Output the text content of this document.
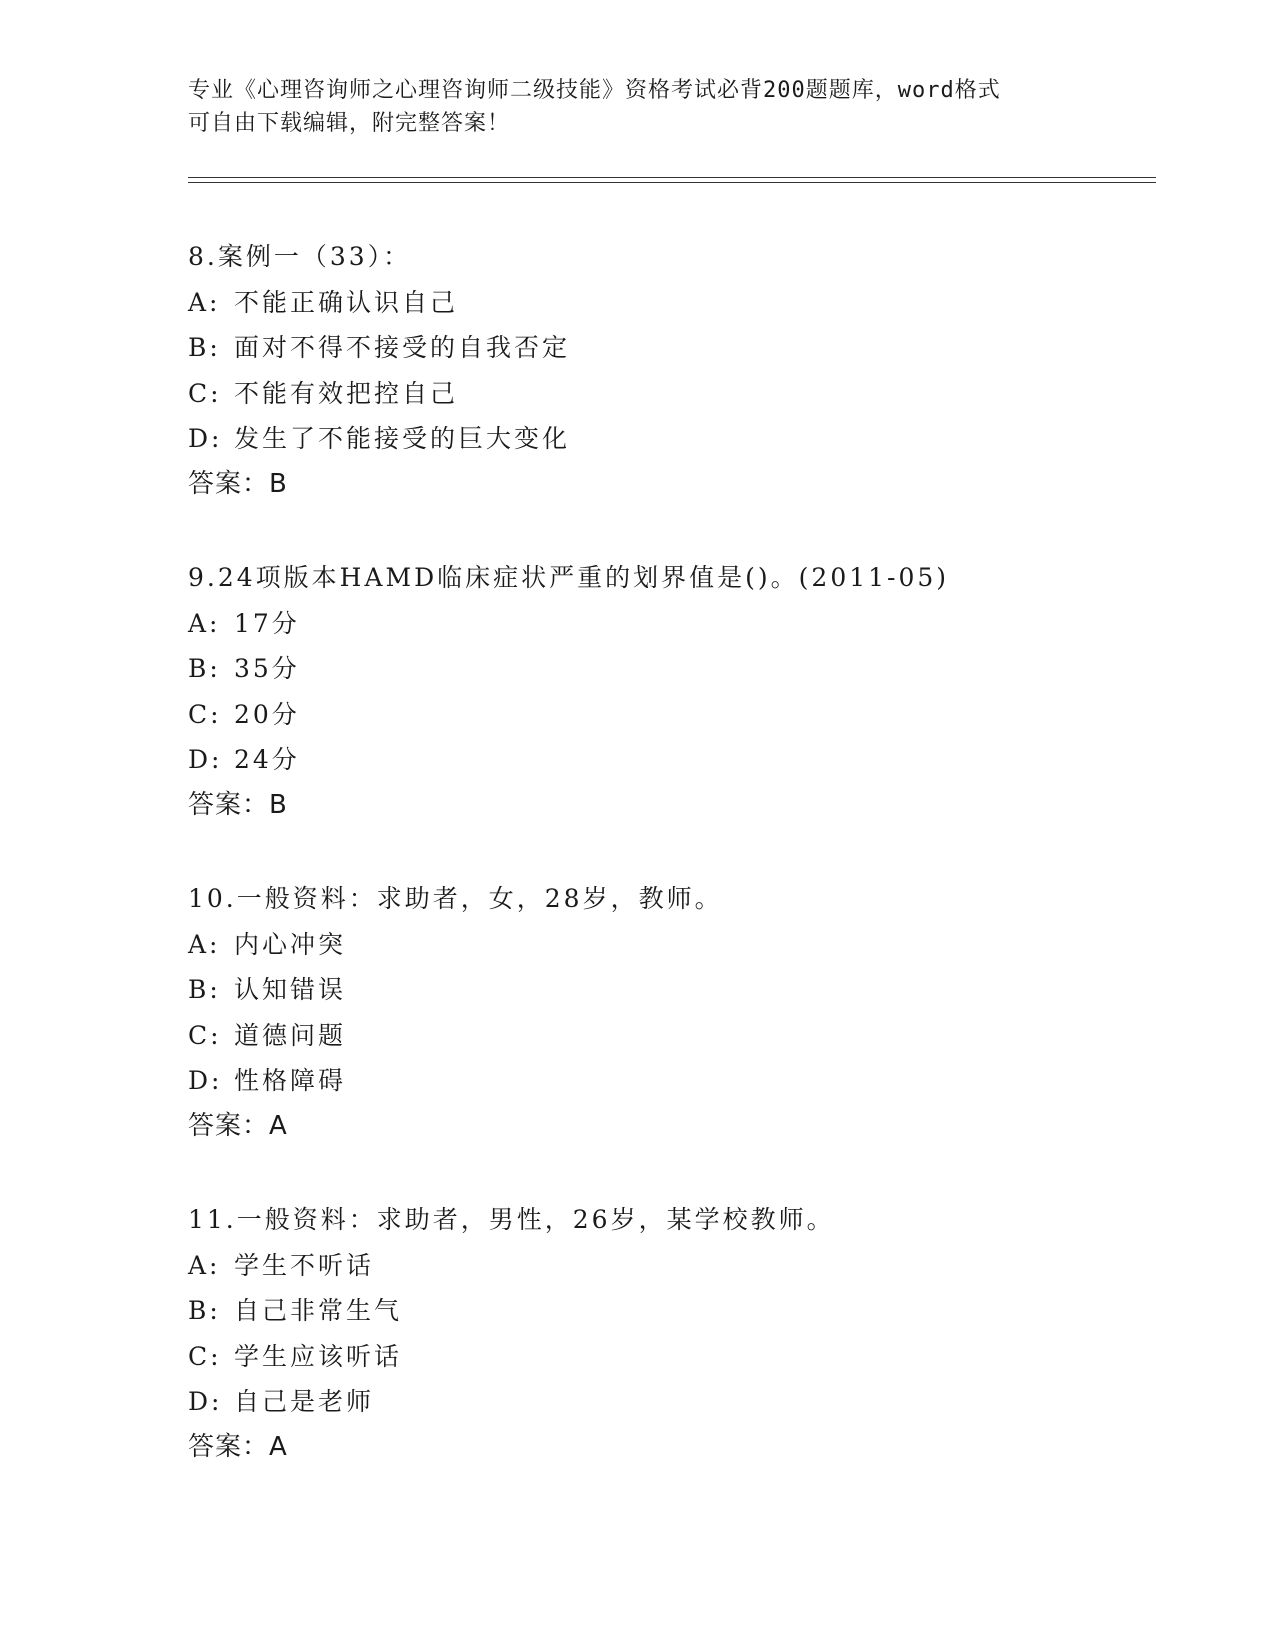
专业《心理咨询师之心理咨询师二级技能》资格考试必背200题题库，word格式
可自由下载编辑，附完整答案！
8.案例一（33）：
A: 不能正确认识自己
B: 面对不得不接受的自我否定
C: 不能有效把控自己
D: 发生了不能接受的巨大变化
答案：B
9.24项版本HAMD临床症状严重的划界值是()。(2011-05)
A: 17分
B: 35分
C: 20分
D: 24分
答案：B
10.一般资料：求助者，女，28岁，教师。
A: 内心冲突
B: 认知错误
C: 道德问题
D: 性格障碍
答案：A
11.一般资料：求助者，男性，26岁，某学校教师。
A: 学生不听话
B: 自己非常生气
C: 学生应该听话
D: 自己是老师
答案：A
